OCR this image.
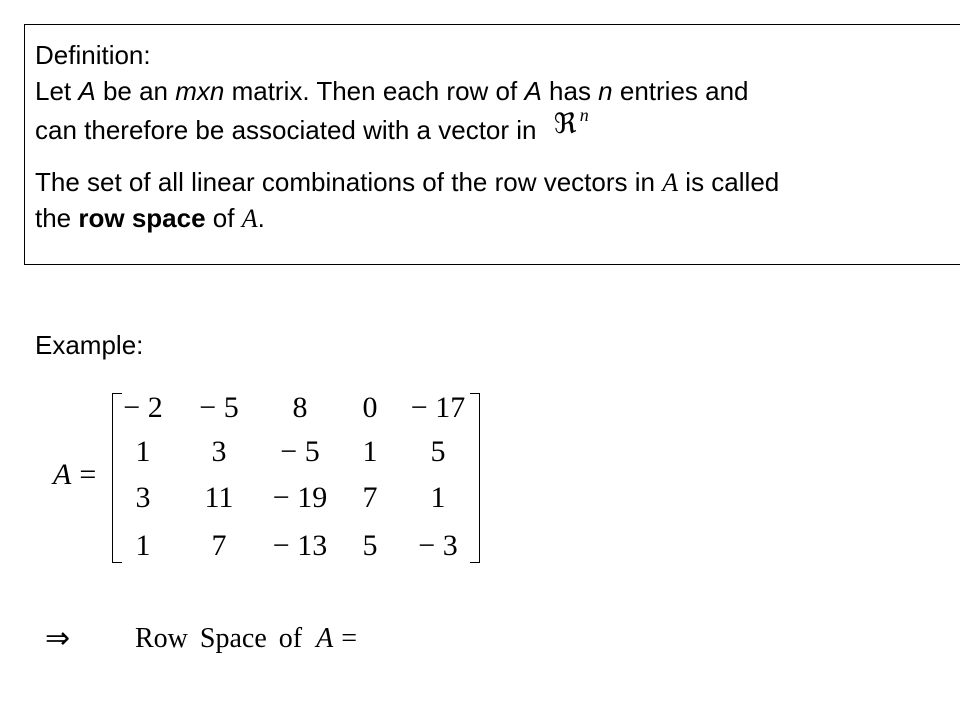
Definition:
Let A be an mxn matrix. Then each row of A has n entries and
can therefore be associated with a vector in ℜ n
The set of all linear combinations of the row vectors in A is called
the row space of A.
Example:
A =
− 2	− 5	8	0	− 17
1	3	− 5	1	5
3	11	− 19	7	1
1	7	− 13	5	− 3
⇒	Row Space of A =
